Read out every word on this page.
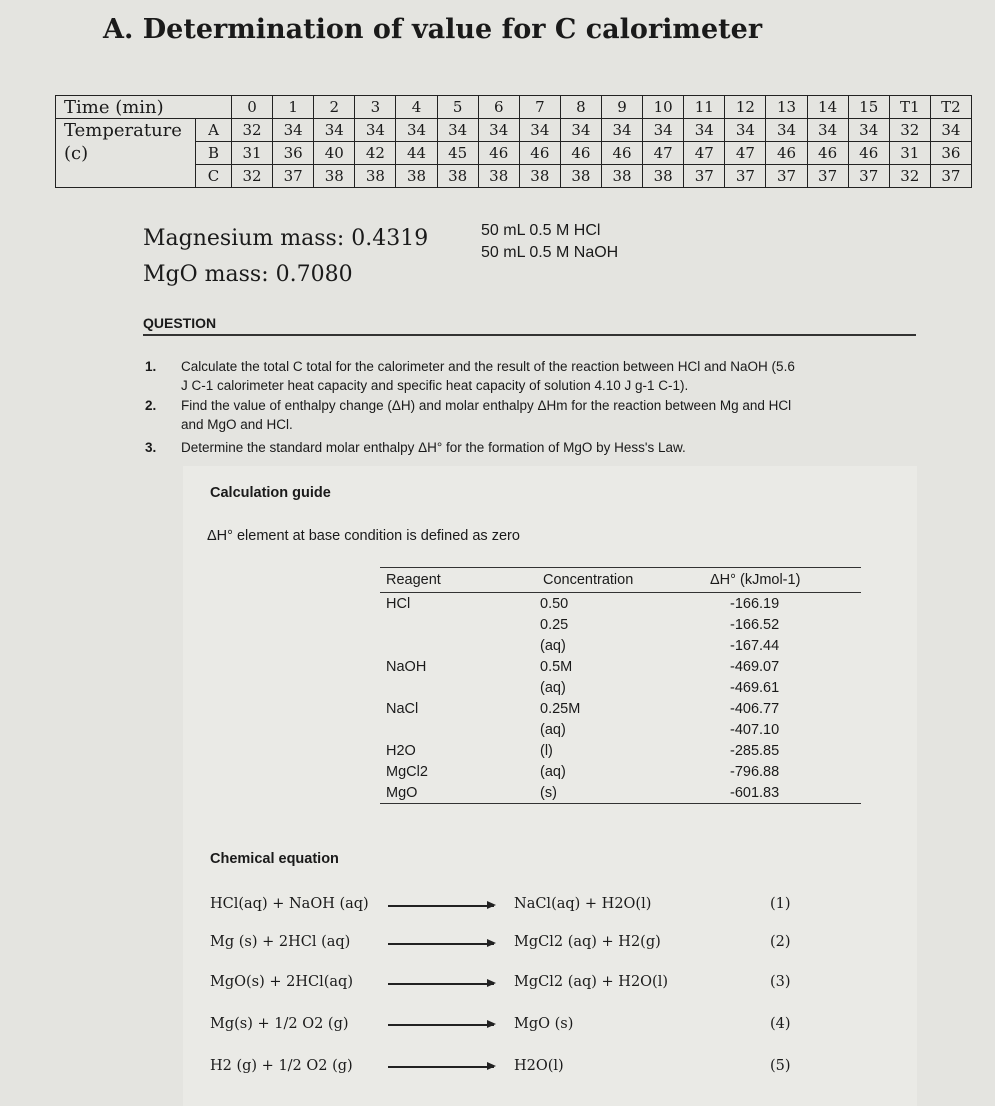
A. Determination of value for C calorimeter
Time (min)		0	1	2	3	4	5	6	7	8	9	10	11	12	13	14	15	T1	T2
Temperature	A	32	34	34	34	34	34	34	34	34	34	34	34	34	34	34	34	32	34
(c)	B	31	36	40	42	44	45	46	46	46	46	47	47	47	46	46	46	31	36
	C	32	37	38	38	38	38	38	38	38	38	38	37	37	37	37	37	32	37
Magnesium mass: 0.4319
MgO mass: 0.7080
50 mL 0.5 M HCl
50 mL 0.5 M NaOH
QUESTION
1. Calculate the total C total for the calorimeter and the result of the reaction between HCl and NaOH (5.6
J C-1 calorimeter heat capacity and specific heat capacity of solution 4.10 J g-1 C-1).
2. Find the value of enthalpy change (ΔH) and molar enthalpy ΔHm for the reaction between Mg and HCl
and MgO and HCl.
3. Determine the standard molar enthalpy ΔH° for the formation of MgO by Hess's Law.
Calculation guide
ΔH° element at base condition is defined as zero
Reagent	Concentration	ΔH° (kJmol-1)
HCl	0.50	-166.19
	0.25	-166.52
	(aq)	-167.44
NaOH	0.5M	-469.07
	(aq)	-469.61
NaCl	0.25M	-406.77
	(aq)	-407.10
H2O	(l)	-285.85
MgCl2	(aq)	-796.88
MgO	(s)	-601.83
Chemical equation
HCl(aq) + NaOH (aq)	NaCl(aq) + H2O(l)	(1)
Mg (s) + 2HCl (aq)	MgCl2 (aq) + H2(g)	(2)
MgO(s) + 2HCl(aq)	MgCl2 (aq) + H2O(l)	(3)
Mg(s) + 1/2 O2 (g)	MgO (s)	(4)
H2 (g) + 1/2 O2 (g)	H2O(l)	(5)
